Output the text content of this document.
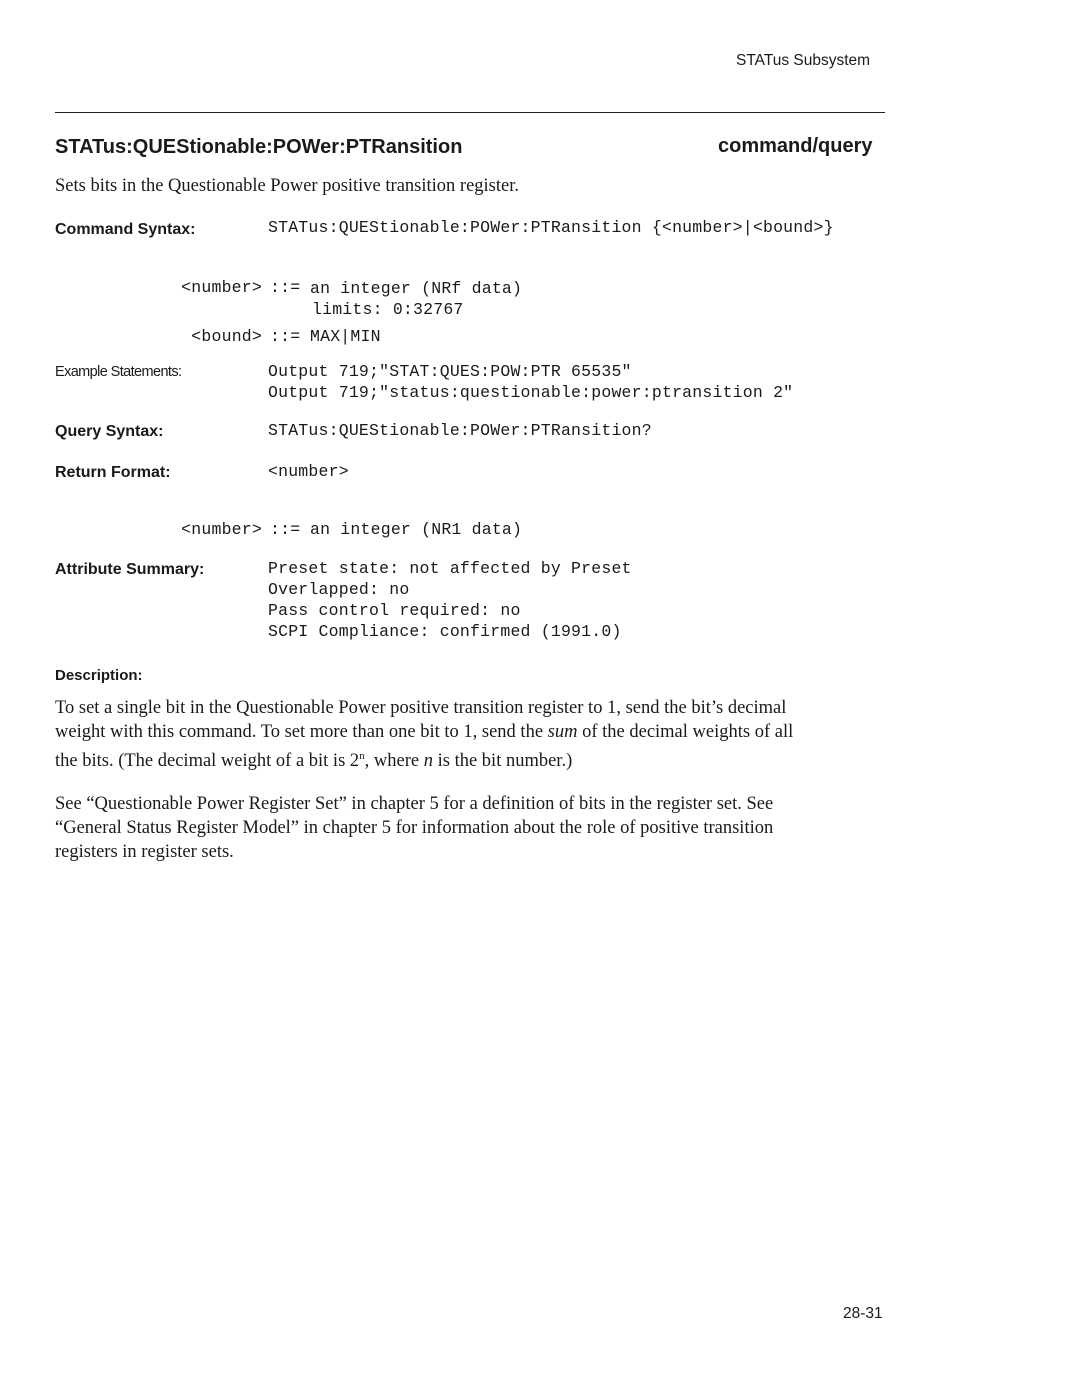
STATus Subsystem
STATus:QUEStionable:POWer:PTRansition	command/query
Sets bits in the Questionable Power positive transition register.
Command Syntax:	STATus:QUEStionable:POWer:PTRansition {<number>|<bound>}
<number> ::= an integer (NRf data)
limits: 0:32767
<bound> ::= MAX|MIN
Example Statements:	Output 719;"STAT:QUES:POW:PTR 65535"
Output 719;"status:questionable:power:ptransition 2"
Query Syntax:	STATus:QUEStionable:POWer:PTRansition?
Return Format:	<number>
<number> ::= an integer (NR1 data)
Attribute Summary:	Preset state: not affected by Preset
Overlapped: no
Pass control required: no
SCPI Compliance: confirmed (1991.0)
Description:
To set a single bit in the Questionable Power positive transition register to 1, send the bit’s decimal
weight with this command. To set more than one bit to 1, send the sum of the decimal weights of all
the bits. (The decimal weight of a bit is 2$^n$, where n is the bit number.)
See “Questionable Power Register Set” in chapter 5 for a definition of bits in the register set. See
“General Status Register Model” in chapter 5 for information about the role of positive transition
registers in register sets.
28-31
